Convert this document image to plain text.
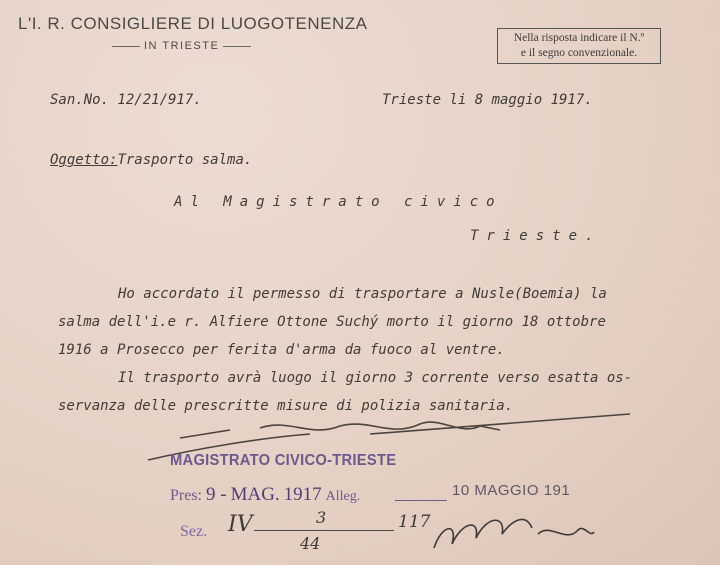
L'I. R. CONSIGLIERE DI LUOGOTENENZA
IN TRIESTE
Nella risposta indicare il N.º
e il segno convenzionale.
San.No. 12/21/917.	Trieste li 8 maggio 1917.
Oggetto:Trasporto salma.
Al Magistrato civico
Trieste.
Ho accordato il permesso di trasportare a Nusle(Boemia) la
salma dell'i.e r. Alfiere Ottone Suchý morto il giorno 18 ottobre
1916 a Prosecco per ferita d'arma da fuoco al ventre.
Il trasporto avrà luogo il giorno 3 corrente verso esatta os-
servanza delle prescritte misure di polizia sanitaria.
MAGISTRATO CIVICO-TRIESTE
Pres: 9 - MAG. 1917 Alleg.	10 MAGGIO 191
Sez. IV	3
44
117
